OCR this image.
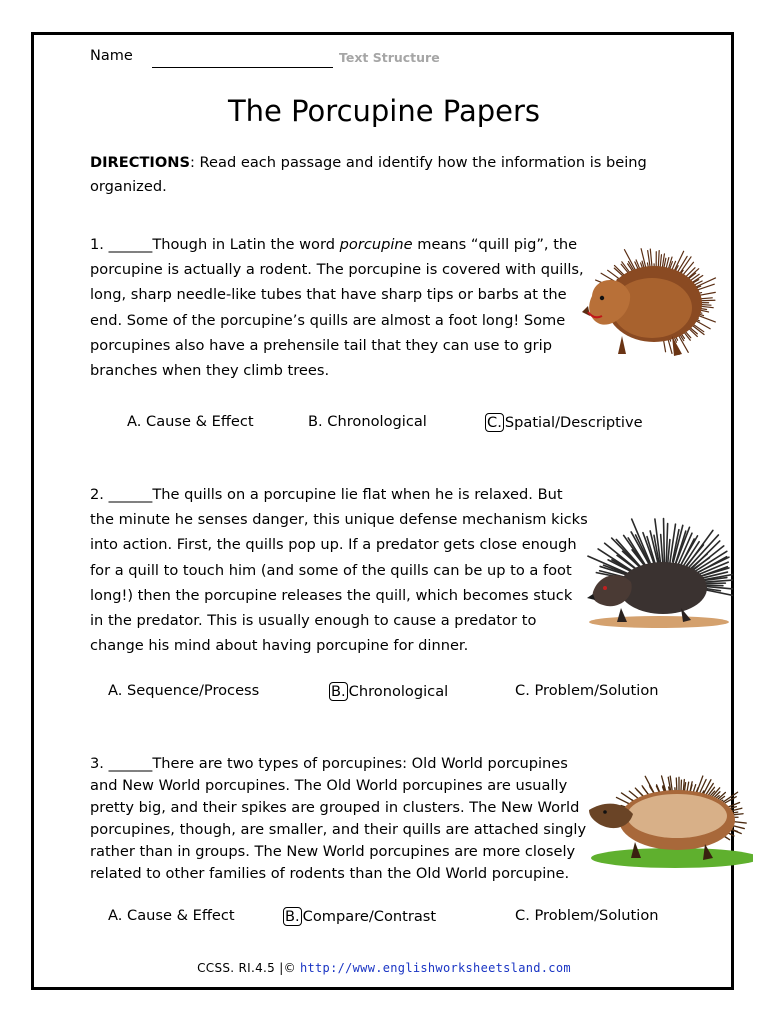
Name	Text Structure
The Porcupine Papers
DIRECTIONS: Read each passage and identify how the information is being organized.
1. ______Though in Latin the word porcupine means “quill pig”, the
porcupine is actually a rodent. The porcupine is covered with quills,
long, sharp needle-like tubes that have sharp tips or barbs at the
end. Some of the porcupine’s quills are almost a foot long! Some
porcupines also have a prehensile tail that they can use to grip
branches when they climb trees.
A. Cause & Effect	B. Chronological	C. Spatial/Descriptive
2. ______The quills on a porcupine lie flat when he is relaxed. But
the minute he senses danger, this unique defense mechanism kicks
into action. First, the quills pop up. If a predator gets close enough
for a quill to touch him (and some of the quills can be up to a foot
long!) then the porcupine releases the quill, which becomes stuck
in the predator. This is usually enough to cause a predator to
change his mind about having porcupine for dinner.
A. Sequence/Process	B. Chronological	C. Problem/Solution
3. ______There are two types of porcupines: Old World porcupines
and New World porcupines. The Old World porcupines are usually
pretty big, and their spikes are grouped in clusters. The New World
porcupines, though, are smaller, and their quills are attached singly
rather than in groups. The New World porcupines are more closely
related to other families of rodents than the Old World porcupine.
A. Cause & Effect	B. Compare/Contrast	C. Problem/Solution
CCSS. RI.4.5 |© http://www.englishworksheetsland.com
